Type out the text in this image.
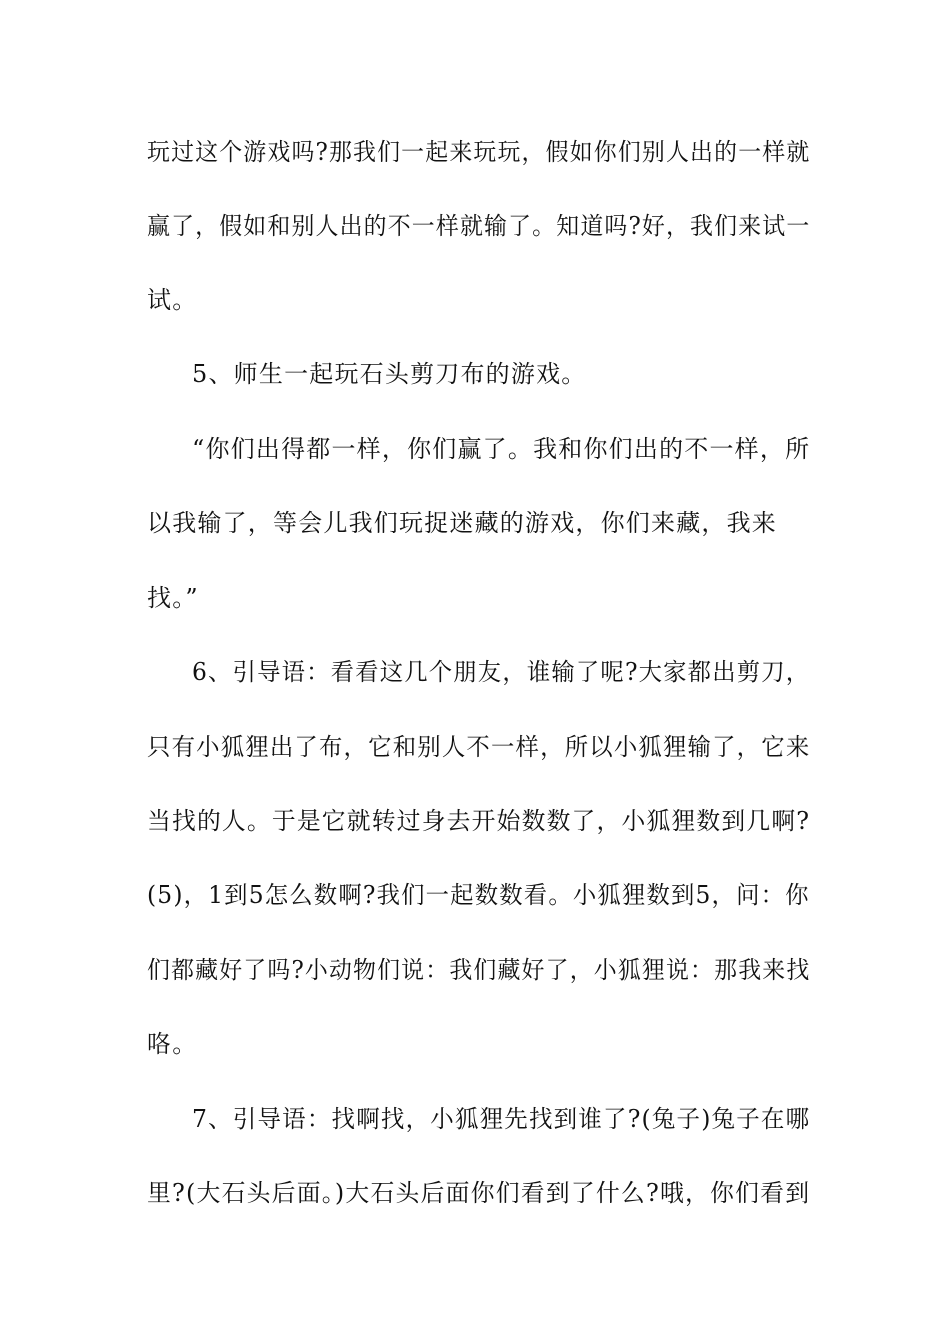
玩过这个游戏吗?那我们一起来玩玩，假如你们别人出的一样就
赢了，假如和别人出的不一样就输了。知道吗?好，我们来试一
试。
5、师生一起玩石头剪刀布的游戏。
“你们出得都一样，你们赢了。我和你们出的不一样，所
以我输了，等会儿我们玩捉迷藏的游戏，你们来藏，我来
找。”
6、引导语：看看这几个朋友，谁输了呢?大家都出剪刀，
只有小狐狸出了布，它和别人不一样，所以小狐狸输了，它来
当找的人。于是它就转过身去开始数数了，小狐狸数到几啊?
(5)，1到5怎么数啊?我们一起数数看。小狐狸数到5，问：你
们都藏好了吗?小动物们说：我们藏好了，小狐狸说：那我来找
咯。
7、引导语：找啊找，小狐狸先找到谁了?(兔子)兔子在哪
里?(大石头后面。)大石头后面你们看到了什么?哦，你们看到
